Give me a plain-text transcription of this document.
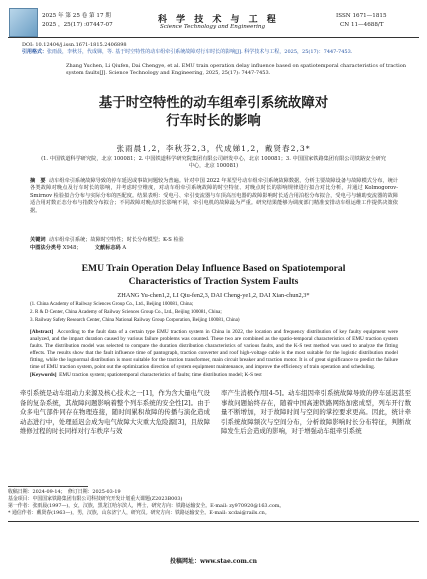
2025 年 第 25 卷 第 17 期
2025 ，25(17) :07447-07	科 学 技 术 与 工 程
Science Technology and Engineering
ISSN 1671—1815
CN 11—4688/T
DOI: 10.12404/j.issn.1671-1815.2406898
引用格式：张雨晨，李秋芬，代成娣，等. 基于时空特性的动车组牵引系统故障对行车时长的影响[J]. 科学技术与工程，2025，25(17)：7447-7453.
Zhang Yuchen, Li Qiufen, Dai Chengye, et al. EMU train operation delay influence based on spatiotemporal characteristics of traction system faults[J]. Science Technology and Engineering, 2025, 25(17): 7447-7453.
基于时空特性的动车组牵引系统故障对
行车时长的影响
张雨晨1,2，李秋芬2,3，代成娣1,2，戴贤春2,3*
(1. 中国铁道科学研究院，北京 100081；2. 中国铁道科学研究院集团有限公司研发中心，北京 100081；3. 中国国家铁路集团有限公司铁路安全研究中心，北京 100081)
摘　要 动车组牵引系统故障导致的停车延迟或事故问题较为普遍。针对中国 2022 年某型号动车组牵引系统故障数据，分析主要故障设备与故障模式分布，统计各类故障对晚点及行车时长的影响，并考虑时空维度，对动车组牵引系统故障的时空特征、对晚点时长的影响规律进行拟合对比分析，并通过 Kolmogorov-Smirnov 检验拟合分布与实际分布的匹配度。结果表明：受电弓、牵引变流器与车顶高压电器的故障影响时长适合用泊松分布拟合，受电弓与辅助变流器的故障适合用对数正态分布与指数分布拟合；不同故障对晚点时长影响不同，牵引电机的故障最为严重。研究结果能够为调度部门精准安排动车组运维工作提供决策依据。
关键词 动车组牵引系统；故障时空特性；时长分布模型；K-S 检验
中图法分类号 X948；	文献标志码 A
EMU Train Operation Delay Influence Based on Spatiotemporal
Characteristics of Traction System Faults
ZHANG Yu-chen1,2, LI Qiu-fen2,3, DAI Cheng-ye1,2, DAI Xian-chun2,3*
(1. China Academy of Railway Sciences Group Co., Ltd., Beijing 100081, China;
2. R & D Center, China Academy of Railway Sciences Group Co., Ltd., Beijing 100081, China;
3. Railway Safety Research Center, China National Railway Group Corporation, Beijing 100081, China)
[Abstract] According to the fault data of a certain type EMU traction system in China in 2022, the location and frequency distribution of key faulty equipment were analyzed, and the impact duration caused by various failure problems was counted. These two are combined as the spatio-temporal characteristics of EMU traction system faults. The distribution model was selected to compare the duration distribution characteristics of various faults, and the K-S test method was used to analyze the fitting effects. The results show that the fault influence time of pantograph, traction converter and roof high-voltage cable is the most suitable for the logistic distribution model fitting, while the lognormal distribution is most suitable for the traction transformer, main circuit breaker and traction motor. It is of great significance to predict the failure time of EMU traction system, point out the optimization direction of system equipment maintenance, and improve the efficiency of train operation and scheduling.
[Keywords] EMU traction system; spatiotemporal characteristics of faults; time distribution model; K-S test
牵引系统是动车组动力来源及核心技术之一[1]，作为含大量电气设备的复杂系统，其故障问题影响着整个列车系统的安全性[2]。由于众多电气部件同存在物理连接，随时间累积故障的传播与演化造成动态进行中，处理延迟会成为电气故障大灾重大危险源[3]，且故障维修过程的时长同样对行车秩序与效
率产生消极作用[4-5]。动车组因牵引系统故障导致的停车延迟甚至事故问题始终存在，随着中国高速铁路网络加密成型，列车开行数量不断增加，对于故障时间与空间的掌控要求更高。因此，统计牵引系统故障频次与空间分布，分析故障影响时长分布特征，判断故障发生后会造成的影响，对于增强动车组牵引系统
收稿日期：2024-09-14；　修订日期：2025-03-19
基金项目：中国国家铁路集团有限公司科技研究开发计划重大课题(Z2023B003)
第一作者：张雨晨(1997—)，女，汉族，黑龙江哈尔滨人，博士，研究方向：铁路运输安全。E-mail: zy970920@163.com。
* 通信作者：戴贤春(1963—)，男，汉族，山东济宁人，研究员。研究方向：铁路运输安全。E-mail: xcdai@rails.cn。
投稿网址：www.stae.com.cn
